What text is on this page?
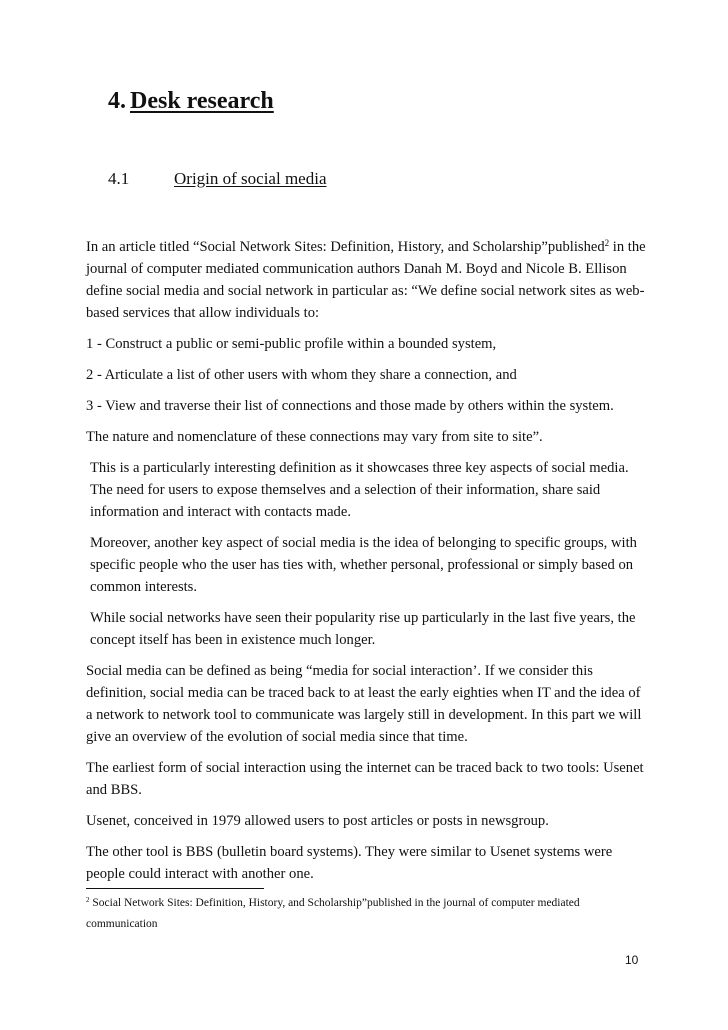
4. Desk research
4.1	Origin of social media

In an article titled “Social Network Sites: Definition, History, and Scholarship”published$^2$ in the journal of computer mediated communication authors Danah M. Boyd and Nicole B. Ellison define social media and social network in particular as: “We define social network sites as web-based services that allow individuals to:

1 - Construct a public or semi-public profile within a bounded system,

2 - Articulate a list of other users with whom they share a connection, and

3 - View and traverse their list of connections and those made by others within the system.

The nature and nomenclature of these connections may vary from site to site”.

This is a particularly interesting definition as it showcases three key aspects of social media. The need for users to expose themselves and a selection of their information, share said information and interact with contacts made.

Moreover, another key aspect of social media is the idea of belonging to specific groups, with specific people who the user has ties with, whether personal, professional or simply based on common interests.

While social networks have seen their popularity rise up particularly in the last five years, the concept itself has been in existence much longer.

Social media can be defined as being “media for social interaction’. If we consider this definition, social media can be traced back to at least the early eighties when IT and the idea of a network to network tool to communicate was largely still in development. In this part we will give an overview of the evolution of social media since that time.

The earliest form of social interaction using the internet can be traced back to two tools: Usenet and BBS.

Usenet, conceived in 1979 allowed users to post articles or posts in newsgroup.

The other tool is BBS (bulletin board systems). They were similar to Usenet systems were people could interact with another one.

$^2$ Social Network Sites: Definition, History, and Scholarship”published in the journal of computer mediated communication
10
